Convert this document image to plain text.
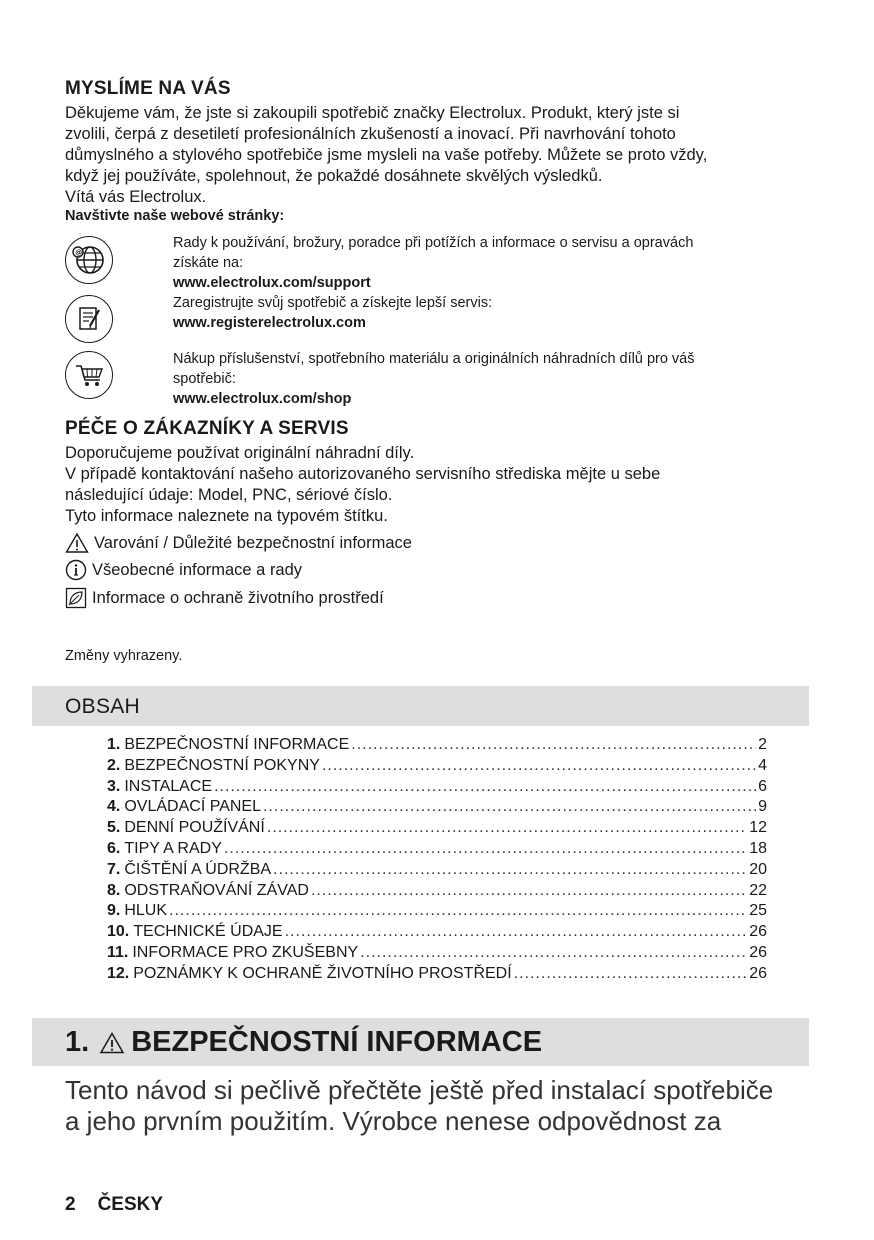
MYSLÍME NA VÁS
Děkujeme vám, že jste si zakoupili spotřebič značky Electrolux. Produkt, který jste si
zvolili, čerpá z desetiletí profesionálních zkušeností a inovací. Při navrhování tohoto
důmyslného a stylového spotřebiče jsme mysleli na vaše potřeby. Můžete se proto vždy,
když jej používáte, spolehnout, že pokaždé dosáhnete skvělých výsledků.
Vítá vás Electrolux.
Navštivte naše webové stránky:
@
Rady k používání, brožury, poradce při potížích a informace o servisu a opravách
získáte na:
www.electrolux.com/support
Zaregistrujte svůj spotřebič a získejte lepší servis:
www.registerelectrolux.com
Nákup příslušenství, spotřebního materiálu a originálních náhradních dílů pro váš
spotřebič:
www.electrolux.com/shop
PÉČE O ZÁKAZNÍKY A SERVIS
Doporučujeme používat originální náhradní díly.
V případě kontaktování našeho autorizovaného servisního střediska mějte u sebe
následující údaje: Model, PNC, sériové číslo.
Tyto informace naleznete na typovém štítku.
Varování / Důležité bezpečnostní informace
Všeobecné informace a rady
Informace o ochraně životního prostředí
Změny vyhrazeny.
OBSAH
1. BEZPEČNOSTNÍ INFORMACE .....	2
2. BEZPEČNOSTNÍ POKYNY .....	4
3. INSTALACE .....	6
4. OVLÁDACÍ PANEL .....	9
5. DENNÍ POUŽÍVÁNÍ .....	12
6. TIPY A RADY .....	18
7. ČIŠTĚNÍ A ÚDRŽBA .....	20
8. ODSTRAŇOVÁNÍ ZÁVAD .....	22
9. HLUK .....	25
10. TECHNICKÉ ÚDAJE .....	26
11. INFORMACE PRO ZKUŠEBNY .....	26
12. POZNÁMKY K OCHRANĚ ŽIVOTNÍHO PROSTŘEDÍ .....	26
1. BEZPEČNOSTNÍ INFORMACE
Tento návod si pečlivě přečtěte ještě před instalací spotřebiče
a jeho prvním použitím. Výrobce nenese odpovědnost za
2 ČESKY
